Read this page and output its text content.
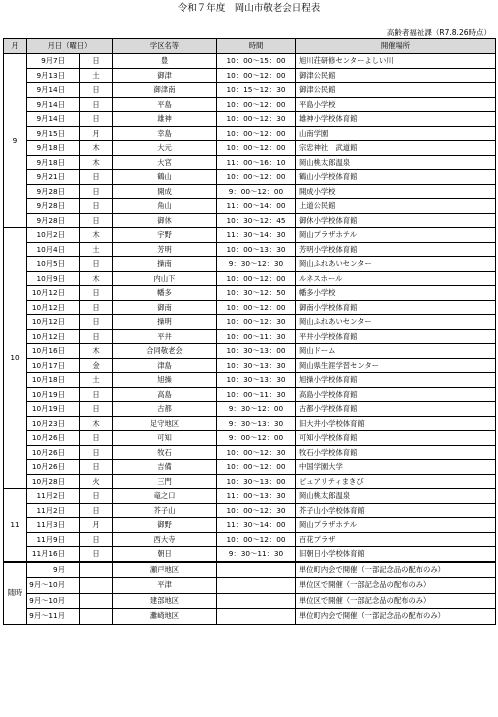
令和７年度　岡山市敬老会日程表
高齢者福祉課（R7.8.26時点）
月	月日（曜日）		学区名等	時間	開催場所
9	9月7日	日	豊	10：00～15：00	旭川荘研修センターよしい川
	9月13日	土	御津	10：00～12：00	御津公民館
	9月14日	日	御津南	10：15～12：30	御津公民館
	9月14日	日	平島	10：00～12：00	平島小学校
	9月14日	日	雄神	10：00～12：30	雄神小学校体育館
	9月15日	月	幸島	10：00～12：00	山南学園
	9月18日	木	大元	10：00～12：00	宗忠神社　武道館
	9月18日	木	大宮	11：00～16：10	岡山桃太郎温泉
	9月21日	日	鶴山	10：00～12：00	鶴山小学校体育館
	9月28日	日	開成	9：00～12：00	開成小学校
	9月28日	日	角山	11：00～14：00	上道公民館
	9月28日	日	御休	10：30～12：45	御休小学校体育館
10	10月2日	木	宇野	11：30～14：30	岡山プラザホテル
	10月4日	土	芳明	10：00～13：30	芳明小学校体育館
	10月5日	日	操南	9：30～12：30	岡山ふれあいセンター
	10月9日	木	内山下	10：00～12：00	ルネスホール
	10月12日	日	幡多	10：30～12：50	幡多小学校
	10月12日	日	御南	10：00～12：00	御南小学校体育館
	10月12日	日	操明	10：00～12：30	岡山ふれあいセンター
	10月12日	日	平井	10：00～11：30	平井小学校体育館
	10月16日	木	合同敬老会	10：30～13：00	岡山ドーム
	10月17日	金	津島	10：30～13：30	岡山県生涯学習センター
	10月18日	土	旭操	10：30～13：30	旭操小学校体育館
	10月19日	日	高島	10：00～11：30	高島小学校体育館
	10月19日	日	古都	9：30～12：00	古都小学校体育館
	10月23日	木	足守地区	9：30～13：30	旧大井小学校体育館
	10月26日	日	可知	9：00～12：00	可知小学校体育館
	10月26日	日	牧石	10：00～12：30	牧石小学校体育館
	10月26日	日	吉備	10：00～12：00	中国学園大学
	10月28日	火	三門	10：30～13：00	ピュアリティまきび
11	11月2日	日	竜之口	11：00～13：30	岡山桃太郎温泉
	11月2日	日	芥子山	10：00～12：30	芥子山小学校体育館
	11月3日	月	御野	11：30～14：00	岡山プラザホテル
	11月9日	日	西大寺	10：00～12：00	百花プラザ
	11月16日	日	朝日	9：30～11：30	旧朝日小学校体育館
随時	9月		瀬戸地区		単位町内会で開催（一部記念品の配布のみ）
	9月～10月		平津		単位区で開催（一部記念品の配布のみ）
	9月～10月		建部地区		単位区で開催（一部記念品の配布のみ）
	9月～11月		灘崎地区		単位町内会で開催（一部記念品の配布のみ）
